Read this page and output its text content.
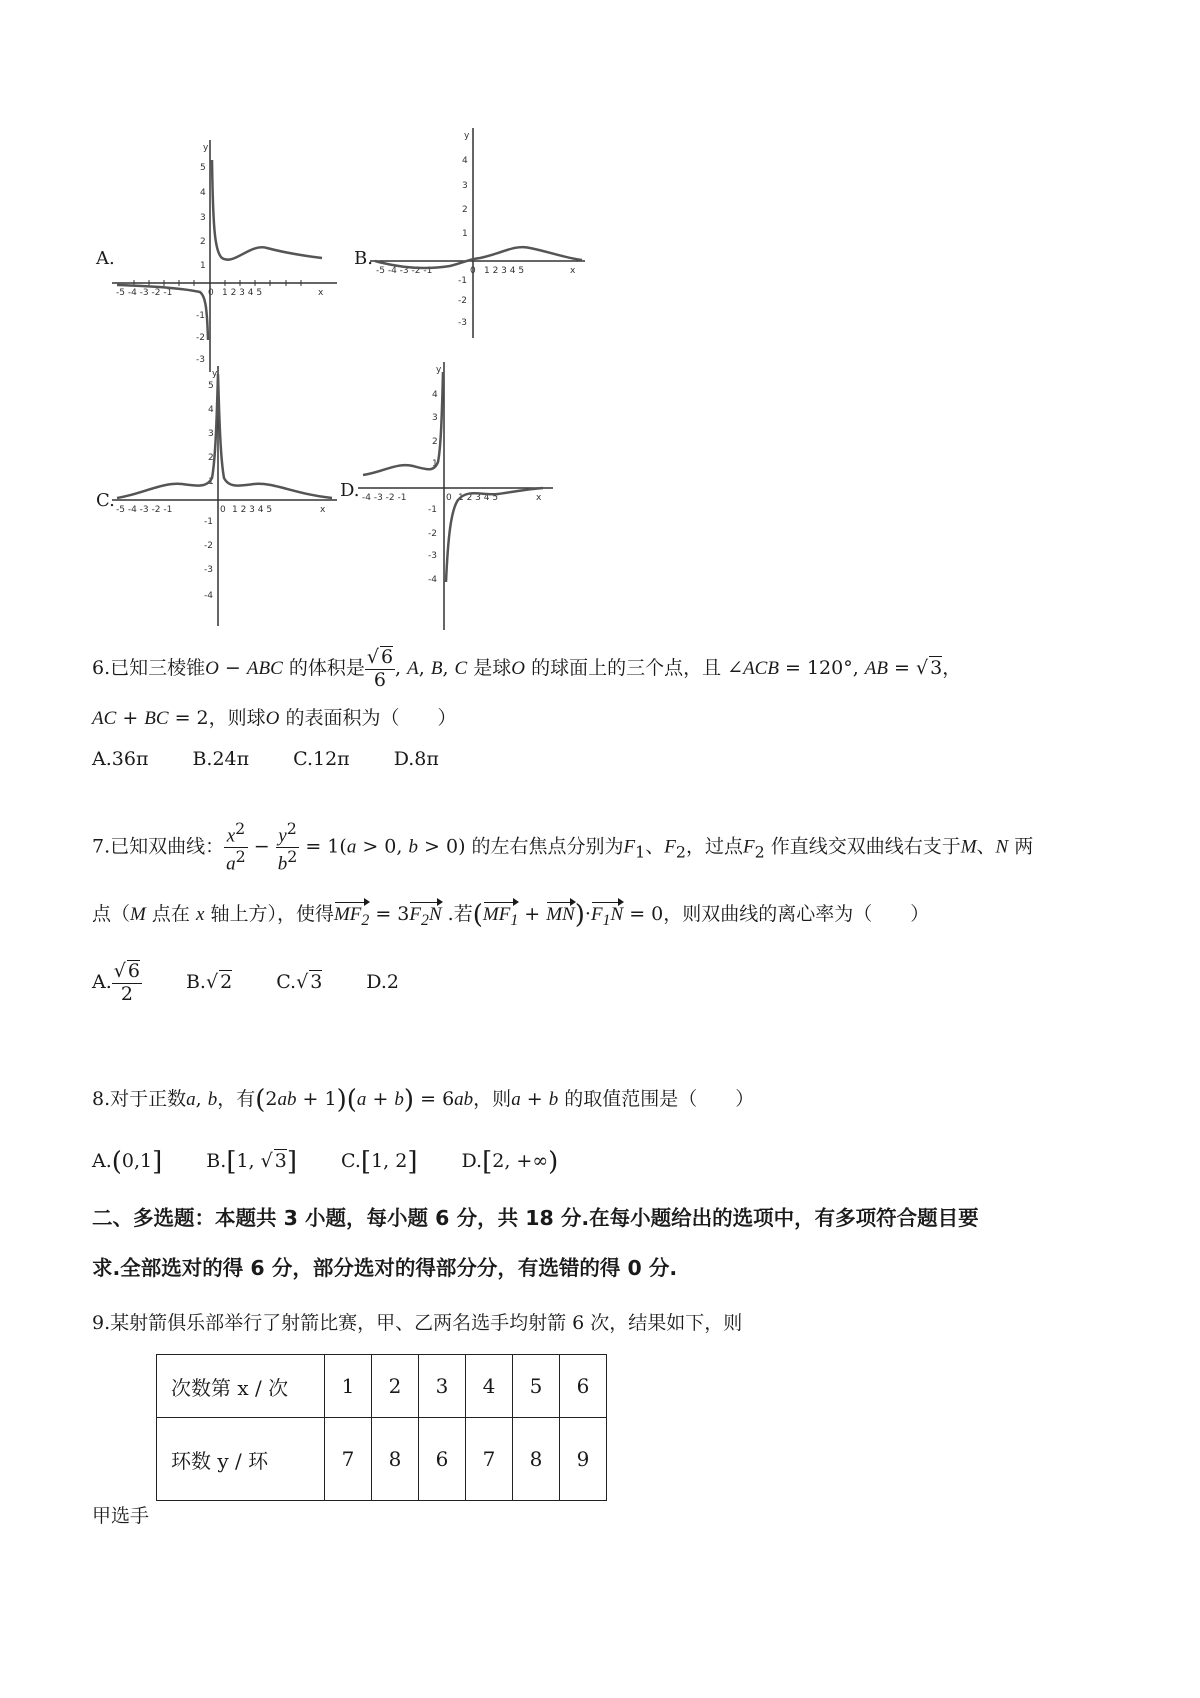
A.
-5 -4 -3 -2 -1	0 1 2 3 4 5	x
y
5
4
3
2
1
-1
-2
-3
B.
-5 -4 -3 -2 -1	0 1 2 3 4 5	x
y
4
3
2
1
-1
-2
-3
C. -5 -4 -3 -2 -1	0 1 2 3 4 5	x
y
5
4
3
2
1
-1
-2
-3
-4
D. -4 -3 -2 -1	0 1 2 3 4 5	x
y
4
3
2
1
-1
-2
-3
-4
6.已知三棱锥O − ABC 的体积是 $\frac{√ 6}{6}$ , A, B, C 是球O 的球面上的三个点，且 ∠ACB = 120°, AB = √ 3，
AC + BC = 2，则球O 的表面积为（　　）
A.36π B.24π C.12π D.8π
7.已知双曲线： $\frac{x^2}{a^2} - \frac{y^2}{b^2} = 1(a > 0$, b > 0) 的左右焦点分别为$F_1$、$F_2$，过点$F_2$ 作直线交双曲线右支于M、N 两
点（M 点在 x 轴上方），使得$MF_2 = 3F_2N$ .若$(MF_1 + MN)\cdot F_1N = 0$，则双曲线的离心率为（　　）
A. $\frac{√ 6}{2} B.√$ 2 C.√ 3 D.2
8.对于正数a, b，有(2ab + 1)(a + b) = 6ab，则a + b 的取值范围是（　　）
A.(0,1] B.[1, √ 3] C.[1, 2] D.[2, +∞)
二、多选题：本题共 3 小题，每小题 6 分，共 18 分.在每小题给出的选项中，有多项符合题目要
求.全部选对的得 6 分，部分选对的得部分分，有选错的得 0 分.
9.某射箭俱乐部举行了射箭比赛，甲、乙两名选手均射箭 6 次，结果如下，则
次数第 x / 次	1	2	3	4	5	6
环数 y / 环	7	8	6	7	8	9
甲选手
